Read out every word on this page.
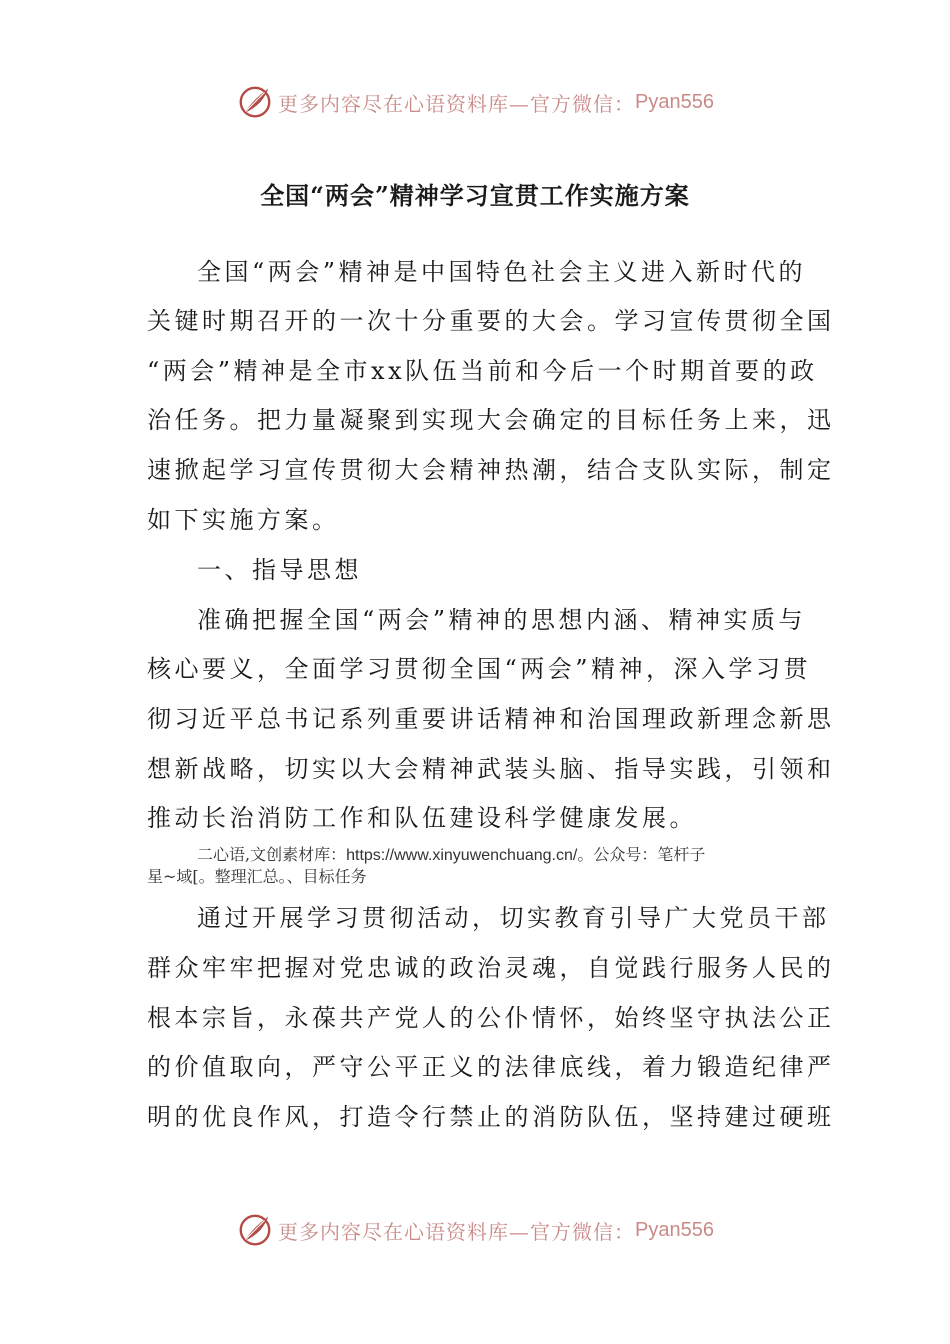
更多内容尽在心语资料库—官方微信： Pyan556
全国“两会”精神学习宣贯工作实施方案
全国“两会”精神是中国特色社会主义进入新时代的
关键时期召开的一次十分重要的大会。学习宣传贯彻全国
“两会”精神是全市xx队伍当前和今后一个时期首要的政
治任务。把力量凝聚到实现大会确定的目标任务上来，迅
速掀起学习宣传贯彻大会精神热潮，结合支队实际，制定
如下实施方案。
一、指导思想
准确把握全国“两会”精神的思想内涵、精神实质与
核心要义，全面学习贯彻全国“两会”精神，深入学习贯
彻习近平总书记系列重要讲话精神和治国理政新理念新思
想新战略，切实以大会精神武装头脑、指导实践，引领和
推动长治消防工作和队伍建设科学健康发展。
二心语,文创素材库：https://www.xinyuwenchuang.cn/。公众号：笔杆子
星~域[。整理汇总。、目标任务
通过开展学习贯彻活动，切实教育引导广大党员干部
群众牢牢把握对党忠诚的政治灵魂，自觉践行服务人民的
根本宗旨，永葆共产党人的公仆情怀，始终坚守执法公正
的价值取向，严守公平正义的法律底线，着力锻造纪律严
明的优良作风，打造令行禁止的消防队伍，坚持建过硬班
更多内容尽在心语资料库—官方微信： Pyan556
